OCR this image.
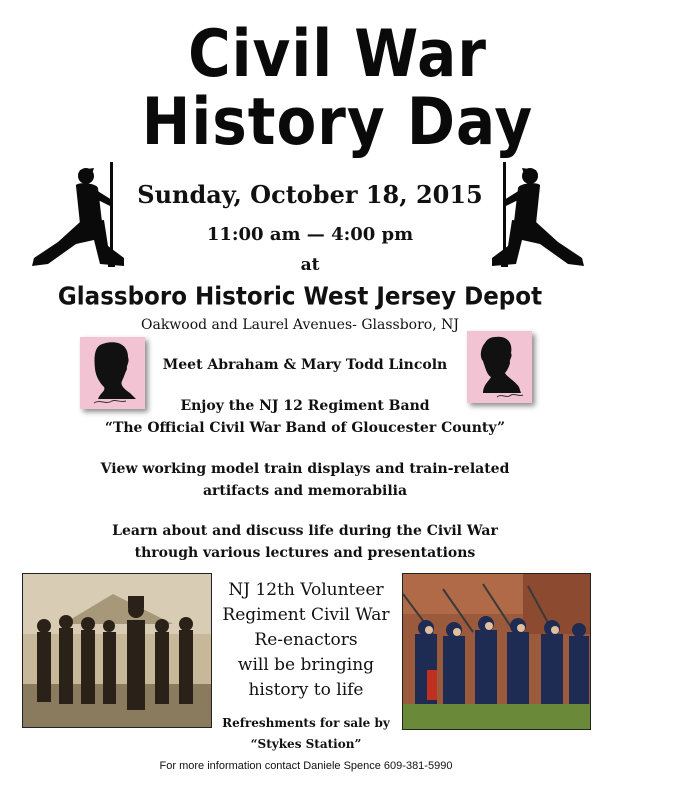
Civil War
History Day
Sunday, October 18, 2015
11:00 am — 4:00 pm
at
Glassboro Historic West Jersey Depot
Oakwood and Laurel Avenues- Glassboro, NJ
Meet Abraham & Mary Todd Lincoln
Enjoy the NJ 12 Regiment Band
“The Official Civil War Band of Gloucester County”
View working model train displays and train-related
artifacts and memorabilia
Learn about and discuss life during the Civil War
through various lectures and presentations
NJ 12th Volunteer
Regiment Civil War
Re-enactors
will be bringing
history to life
Refreshments for sale by
“Stykes Station”
For more information contact Daniele Spence 609-381-5990
